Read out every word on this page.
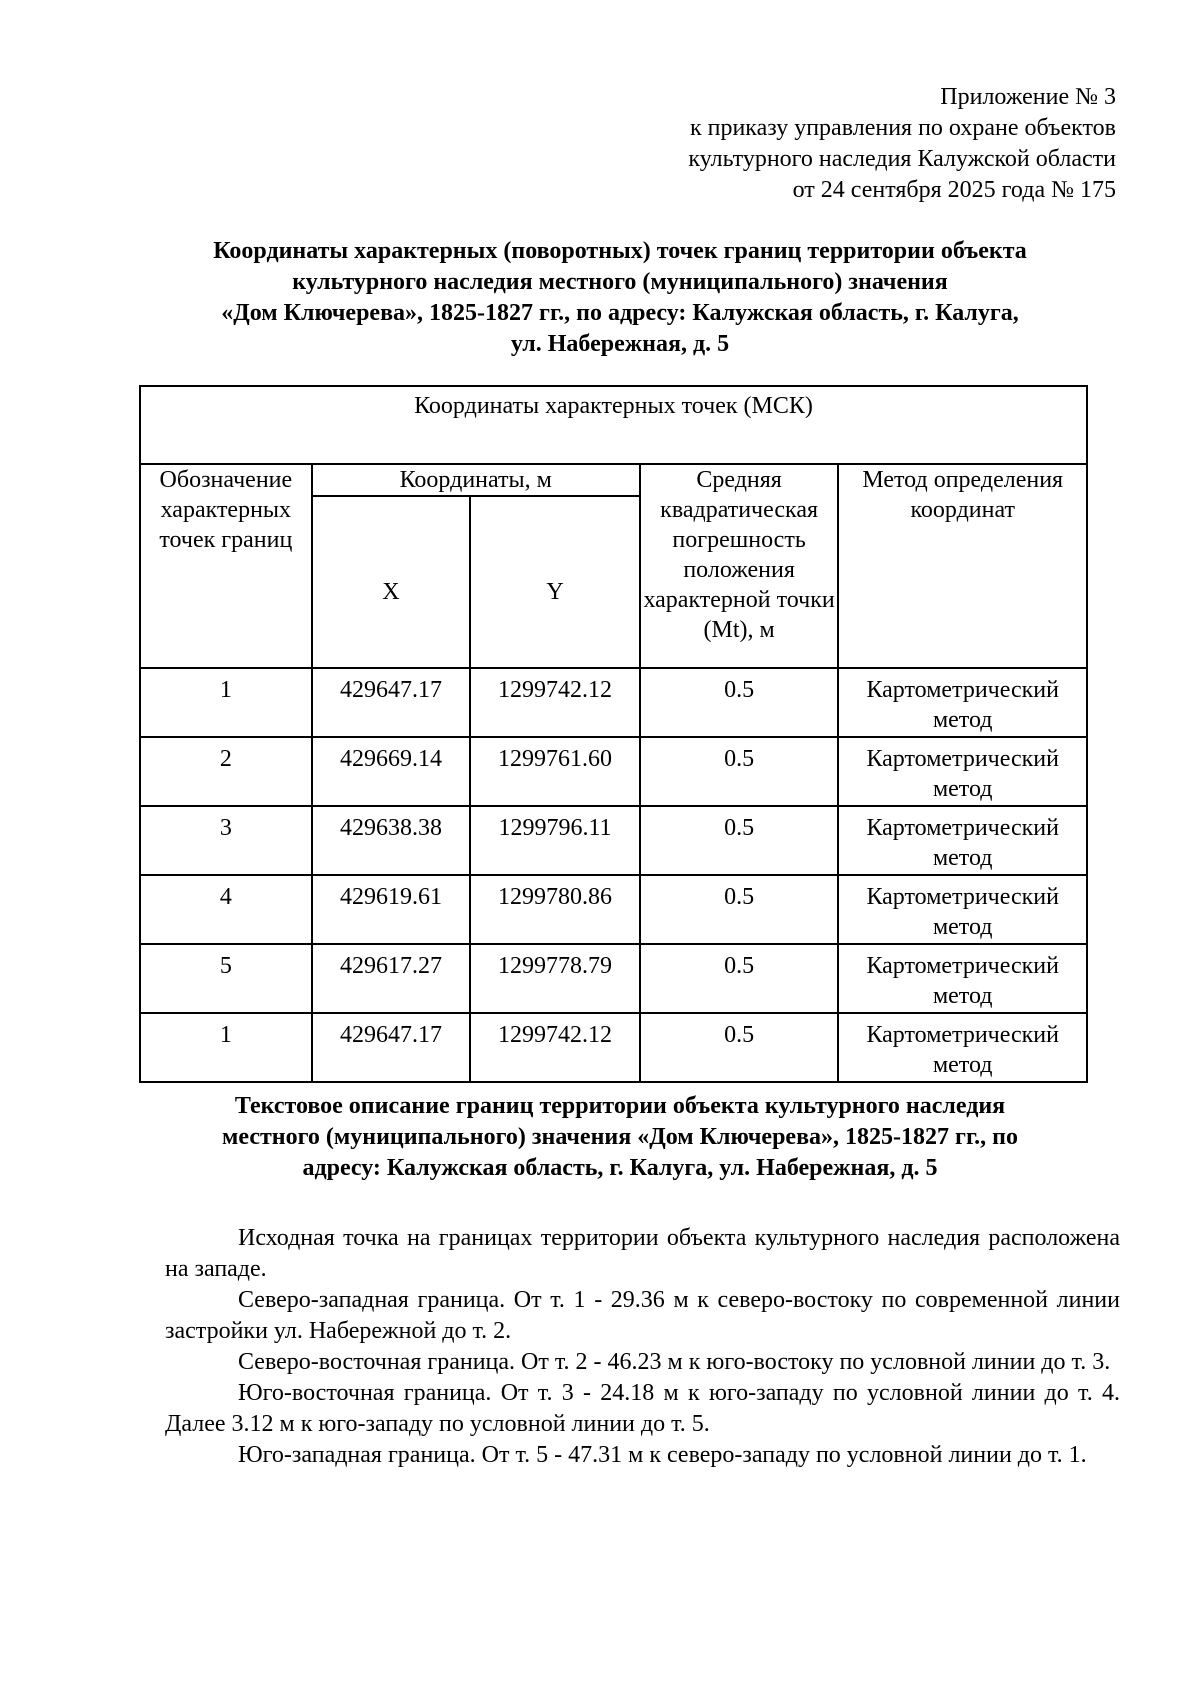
Приложение № 3
к приказу управления по охране объектов
культурного наследия Калужской области
от 24 сентября 2025 года № 175
Координаты характерных (поворотных) точек границ территории объекта
культурного наследия местного (муниципального) значения
«Дом Ключерева», 1825-1827 гг., по адресу: Калужская область, г. Калуга,
ул. Набережная, д. 5
Координаты характерных точек (МСК)				
Обозначение характерных точек границ	Координаты, м		Средняя квадратическая погрешность положения характерной точки (Mt), м	Метод определения координат
	X	Y		
1	429647.17	1299742.12	0.5	Картометрический метод
2	429669.14	1299761.60	0.5	Картометрический метод
3	429638.38	1299796.11	0.5	Картометрический метод
4	429619.61	1299780.86	0.5	Картометрический метод
5	429617.27	1299778.79	0.5	Картометрический метод
1	429647.17	1299742.12	0.5	Картометрический метод
Текстовое описание границ территории объекта культурного наследия
местного (муниципального) значения «Дом Ключерева», 1825-1827 гг., по
адресу: Калужская область, г. Калуга, ул. Набережная, д. 5

Исходная точка на границах территории объекта культурного наследия расположена на западе.

Северо-западная граница. От т. 1 - 29.36 м к северо-востоку по современной линии застройки ул. Набережной до т. 2.

Северо-восточная граница. От т. 2 - 46.23 м к юго-востоку по условной линии до т. 3.

Юго-восточная граница. От т. 3 - 24.18 м к юго-западу по условной линии до т. 4. Далее 3.12 м к юго-западу по условной линии до т. 5.

Юго-западная граница. От т. 5 - 47.31 м к северо-западу по условной линии до т. 1.
